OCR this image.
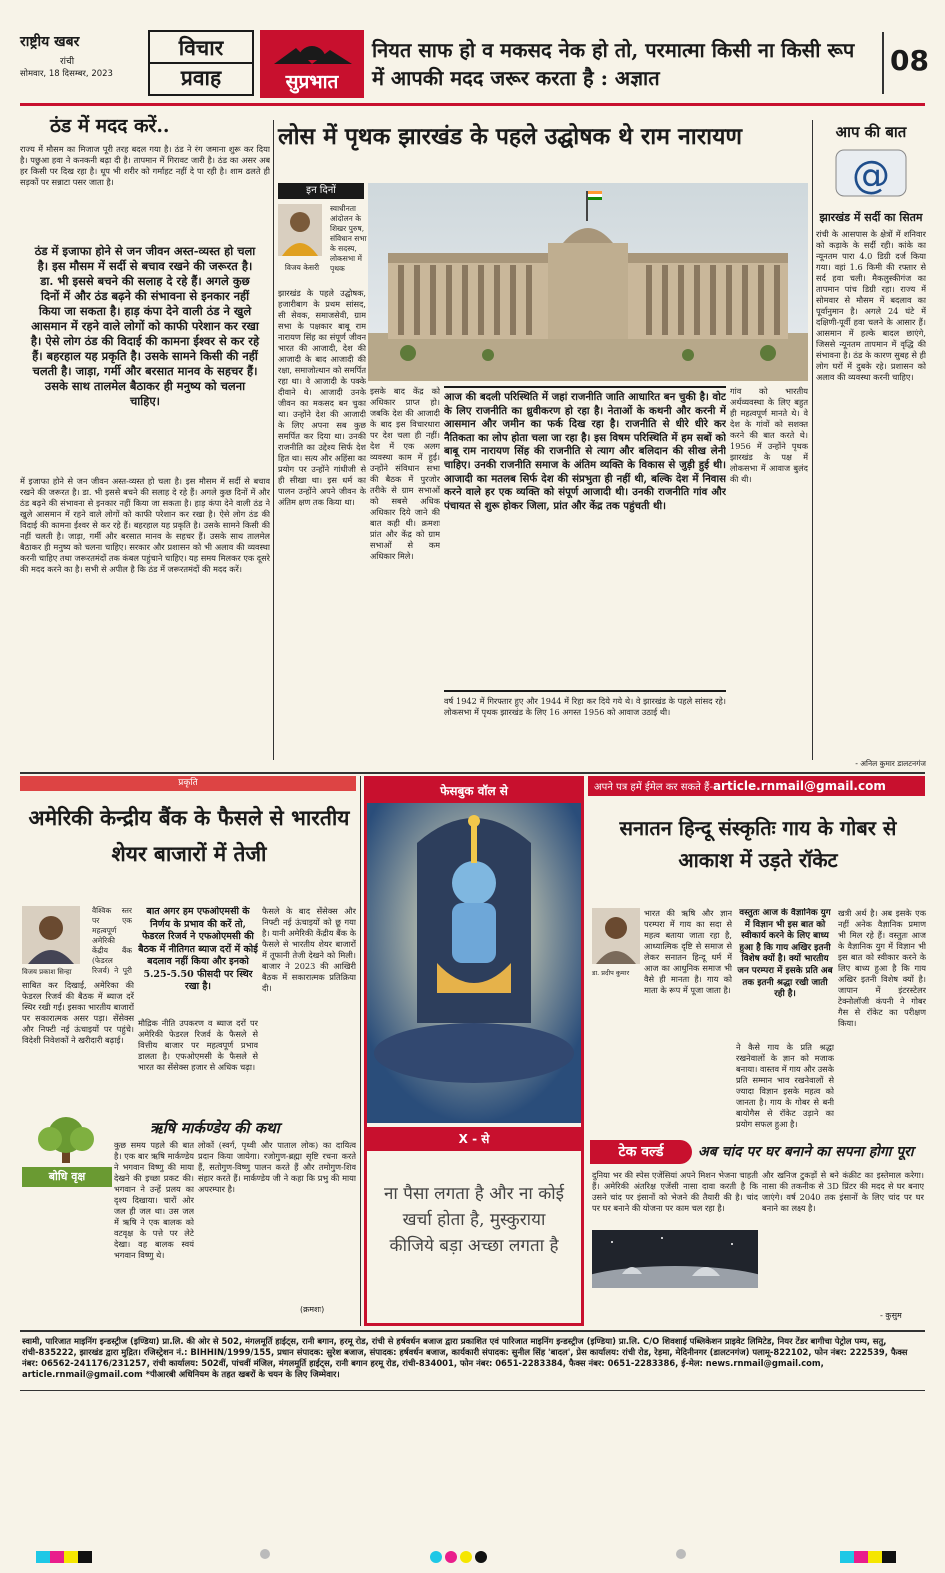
राष्ट्रीय खबर
रांची
सोमवार, 18 दिसम्बर, 2023
विचार
प्रवाह	सुप्रभात
नियत साफ हो व मकसद नेक हो तो, परमात्मा किसी ना किसी रूप में आपकी मदद जरूर करता है : अज्ञात
08
ठंड में मदद करें..
राज्य में मौसम का मिजाज पूरी तरह बदल गया है। ठंड ने रंग जमाना शुरू कर दिया है। पछुआ हवा ने कनकनी बढ़ा दी है। तापमान में गिरावट जारी है। ठंड का असर अब हर किसी पर दिख रहा है। धूप भी शरीर को गर्माहट नहीं दे पा रही है। शाम ढलते ही सड़कों पर सन्नाटा पसर जाता है।
ठंड में इजाफा होने से जन जीवन अस्त-व्यस्त हो चला है। इस मौसम में सर्दी से बचाव रखने की जरूरत है। डा. भी इससे बचने की सलाह दे रहे हैं। अगले कुछ दिनों में और ठंड बढ़ने की संभावना से इनकार नहीं किया जा सकता है। हाड़ कंपा देने वाली ठंड ने खुले आसमान में रहने वाले लोगों को काफी परेशान कर रखा है। ऐसे लोग ठंड की विदाई की कामना ईश्वर से कर रहे हैं। बहरहाल यह प्रकृति है। उसके सामने किसी की नहीं चलती है। जाड़ा, गर्मी और बरसात मानव के सहचर हैं। उसके साथ तालमेल बैठाकर ही मनुष्य को चलना चाहिए।
में इजाफा होने से जन जीवन अस्त-व्यस्त हो चला है। इस मौसम में सर्दी से बचाव रखने की जरूरत है। डा. भी इससे बचने की सलाह दे रहे हैं। अगले कुछ दिनों में और ठंड बढ़ने की संभावना से इनकार नहीं किया जा सकता है। हाड़ कंपा देने वाली ठंड ने खुले आसमान में रहने वाले लोगों को काफी परेशान कर रखा है। ऐसे लोग ठंड की विदाई की कामना ईश्वर से कर रहे हैं। बहरहाल यह प्रकृति है। उसके सामने किसी की नहीं चलती है। जाड़ा, गर्मी और बरसात मानव के सहचर हैं। उसके साथ तालमेल बैठाकर ही मनुष्य को चलना चाहिए। सरकार और प्रशासन को भी अलाव की व्यवस्था करनी चाहिए तथा जरूरतमंदों तक कंबल पहुंचाने चाहिए। यह समय मिलकर एक दूसरे की मदद करने का है। सभी से अपील है कि ठंड में जरूरतमंदों की मदद करें।
लोस में पृथक झारखंड के पहले उद्घोषक थे राम नारायण
इन दिनों
विजय केसरी
स्वाधीनता आंदोलन के शिखर पुरुष, संविधान सभा के सदस्य, लोकसभा में पृथक
झारखंड के पहले उद्घोषक, हजारीबाग के प्रथम सांसद, सी सेवक, समाजसेवी, ग्राम सभा के पक्षकार बाबू राम नारायण सिंह का संपूर्ण जीवन भारत की आजादी, देश की आजादी के बाद आजादी की रक्षा, समाजोत्थान को समर्पित रहा था। वे आजादी के पक्के दीवाने थे। आजादी उनके जीवन का मकसद बन चुका था। उन्होंने देश की आजादी के लिए अपना सब कुछ समर्पित कर दिया था। उनकी राजनीति का उद्देश्य सिर्फ देश हित था। सत्य और अहिंसा का प्रयोग पर उन्होंने गांधीजी से ही सीखा था। इस धर्म का पालन उन्होंने अपने जीवन के अंतिम क्षण तक किया था।
इसके बाद केंद्र को अधिकार प्राप्त हो। जबकि देश की आजादी के बाद इस विचारधारा पर देश चला ही नहीं। देश में एक अलग व्यवस्था काम में हुई। उन्होंने संविधान सभा की बैठक में पुरजोर तरीके से ग्राम सभाओं को सबसे अधिक अधिकार दिये जाने की बात कही थी। क्रमशः प्रांत और केंद्र को ग्राम सभाओं से कम अधिकार मिले।
आज की बदली परिस्थिति में जहां राजनीति जाति आधारित बन चुकी है। वोट के लिए राजनीति का ध्रुवीकरण हो रहा है। नेताओं के कथनी और करनी में आसमान और जमीन का फर्क दिख रहा है। राजनीति से धीरे धीरे कर नैतिकता का लोप होता चला जा रहा है। इस विषम परिस्थिति में हम सबों को बाबू राम नारायण सिंह की राजनीति से त्याग और बलिदान की सीख लेनी चाहिए। उनकी राजनीति समाज के अंतिम व्यक्ति के विकास से जुड़ी हुई थी। आजादी का मतलब सिर्फ देश की संप्रभुता ही नहीं थी, बल्कि देश में निवास करने वाले हर एक व्यक्ति को संपूर्ण आजादी थी। उनकी राजनीति गांव और पंचायत से शुरू होकर जिला, प्रांत और केंद्र तक पहुंचती थी।
गांव को भारतीय अर्थव्यवस्था के लिए बहुत ही महत्वपूर्ण मानते थे। वे देश के गांवों को सशक्त करने की बात करते थे। 1956 में उन्होंने पृथक झारखंड के पक्ष में लोकसभा में आवाज बुलंद की थी।
वर्ष 1942 में गिरफ्तार हुए और 1944 में रिहा कर दिये गये थे। वे झारखंड के पहले सांसद रहे। लोकसभा में पृथक झारखंड के लिए 16 अगस्त 1956 को आवाज उठाई थी।
आप की बात
@
झारखंड में सर्दी का सितम
रांची के आसपास के क्षेत्रों में शनिवार को कड़ाके के सर्दी रही। कांके का न्यूनतम पारा 4.0 डिग्री दर्ज किया गया। वहां 1.6 किमी की रफ्तार से सर्द हवा चली। मैकलुस्कीगंज का तापमान पांच डिग्री रहा। राज्य में सोमवार से मौसम में बदलाव का पूर्वानुमान है। अगले 24 घंटे में दक्षिणी-पूर्वी हवा चलने के आसार हैं। आसमान में हल्के बादल छाएंगे, जिससे न्यूनतम तापमान में वृद्धि की संभावना है। ठंड के कारण सुबह से ही लोग घरों में दुबके रहे। प्रशासन को अलाव की व्यवस्था करनी चाहिए।
- अनिल कुमार डालटनगंज
प्रकृति
अमेरिकी केन्द्रीय बैंक के फैसले से भारतीय शेयर बाजारों में तेजी
विजय प्रकाश सिन्हा
वैश्विक स्तर पर एक महत्वपूर्ण अमेरिकी केंद्रीय बैंक (फेडरल रिजर्व) ने पूरी
साबित कर दिखाई, अमेरिका की फेडरल रिजर्व की बैठक में ब्याज दरें स्थिर रखी गईं। इसका भारतीय बाजारों पर सकारात्मक असर पड़ा। सेंसेक्स और निफ्टी नई ऊंचाइयों पर पहुंचे। विदेशी निवेशकों ने खरीदारी बढ़ाई।
बात अगर हम एफओएमसी के निर्णय के प्रभाव की करें तो, फेडरल रिजर्व ने एफओएमसी की बैठक में नीतिगत ब्याज दरों में कोई बदलाव नहीं किया और इनको 5.25-5.50 फीसदी पर स्थिर रखा है।
मौद्रिक नीति उपकरण व ब्याज दरों पर अमेरिकी फेडरल रिजर्व के फैसले से वित्तीय बाजार पर महत्वपूर्ण प्रभाव डालता है। एफओएमसी के फैसले से भारत का सेंसेक्स हजार से अधिक चढ़ा।
फैसले के बाद सेंसेक्स और निफ्टी नई ऊंचाइयों को छू गया है। यानी अमेरिकी केंद्रीय बैंक के फैसले से भारतीय शेयर बाजारों में तूफानी तेजी देखने को मिली। बाजार ने 2023 की आखिरी बैठक में सकारात्मक प्रतिक्रिया दी।
ऋषि मार्कण्डेय की कथा
बोधि वृक्ष
कुछ समय पहले की बात है। एक बार ऋषि मार्कण्डेय ने भगवान विष्णु की माया देखने की इच्छा प्रकट की। भगवान ने उन्हें प्रलय का दृश्य दिखाया। चारों ओर जल ही जल था। उस जल में ऋषि ने एक बालक को वटवृक्ष के पत्ते पर लेटे देखा। वह बालक स्वयं भगवान विष्णु थे।
लोकों (स्वर्ग, पृथ्वी और पाताल लोक) का दायित्व प्रदान किया जायेगा। रजोगुण-ब्रह्मा सृष्टि रचना करते हैं, सतोगुण-विष्णु पालन करते हैं और तमोगुण-शिव संहार करते हैं। मार्कण्डेय जी ने कहा कि प्रभु की माया अपरम्पार है।
(क्रमशः)
फेसबुक वॉल से
X - से
ना पैसा लगता है और ना कोई खर्चा होता है, मुस्कुराया कीजिये बड़ा अच्छा लगता है
अपने पत्र हमें ईमेल कर सकते हैं-article.rnmail@gmail.com
सनातन हिन्दू संस्कृतिः गाय के गोबर से आकाश में उड़ते रॉकेट
डा. प्रदीप कुमार
भारत की ऋषि और ज्ञान परम्परा में गाय का सदा से महत्व बताया जाता रहा है, आध्यात्मिक दृष्टि से समाज से लेकर सनातन हिन्दू धर्म में आज का आधुनिक समाज भी वैसे ही मानता है। गाय को माता के रूप में पूजा जाता है।
वस्तुतः आज के वैज्ञानिक युग में विज्ञान भी इस बात को स्वीकार्य करने के लिए बाध्य हुआ है कि गाय अखिर इतनी विशेष क्यों है। क्यों भारतीय जन परम्परा में इसके प्रति अब तक इतनी श्रद्धा रखी जाती रही है।
ने कैसे गाय के प्रति श्रद्धा रखनेवालों के ज्ञान को मजाक बनाया। वास्तव में गाय और उसके प्रति सम्मान भाव रखनेवालों से ज्यादा विज्ञान इसके महत्व को जानता है। गाय के गोबर से बनी बायोगैस से रॉकेट उड़ाने का प्रयोग सफल हुआ है।
खत्री अर्थ है। अब इसके एक नहीं अनेक वैज्ञानिक प्रमाण भी मिल रहे हैं। वस्तुतः आज के वैज्ञानिक युग में विज्ञान भी इस बात को स्वीकार करने के लिए बाध्य हुआ है कि गाय अखिर इतनी विशेष क्यों है। जापान में इंटरस्टेलर टेक्नोलॉजी कंपनी ने गोबर गैस से रॉकेट का परीक्षण किया।
टेक वर्ल्ड	अब चांद पर घर बनाने का सपना होगा पूरा
दुनिया भर की स्पेस एजेंसियां अपने मिशन भेजना चाहती हैं। अमेरिकी अंतरिक्ष एजेंसी नासा दावा करती है कि उसने चांद पर इंसानों को भेजने की तैयारी की है। चांद पर घर बनाने की योजना पर काम चल रहा है।
और खनिज टुकड़ों से बने कंक्रीट का इस्तेमाल करेगा। नासा की तकनीक से 3D प्रिंटर की मदद से घर बनाए जाएंगे। वर्ष 2040 तक इंसानों के लिए चांद पर घर बनाने का लक्ष्य है।
- कुसुम
स्वामी, पारिजात माइनिंग इन्डस्ट्रीज (इण्डिया) प्रा.लि. की ओर से 502, मंगलमूर्ति हाईट्स, रानी बगान, हरमू रोड, रांची से हर्षवर्धन बजाज द्वारा प्रकाशित एवं पारिजात माइनिंग इन्डस्ट्रीज (इण्डिया) प्रा.लि. C/O शिवशाई पब्लिकेशन प्राइवेट लिमिटेड, नियर टेंडर बागीचा पेट्रोल पम्प, सतु, रांची-835222, झारखंड द्वारा मुद्रित। रजिस्ट्रेशन नं.: BIHHIN/1999/155, प्रधान संपादक: सुरेश बजाज, संपादक: हर्षवर्धन बजाज, कार्यकारी संपादक: सुनील सिंह 'बादल', प्रेस कार्यालय: रांची रोड, रेड़मा, मेदिनीनगर (डालटनगंज) पलामू-822102, फोन नंबर: 222539, फैक्स नंबर: 06562-241176/231257, रांची कार्यालय: 502वीं, पांचवीं मंजिल, मंगलमूर्ति हाईट्स, रानी बगान हरमू रोड, रांची-834001, फोन नंबर: 0651-2283384, फैक्स नंबर: 0651-2283386, ई-मेल: news.rnmail@gmail.com, article.rnmail@gmail.com *पीआरबी अधिनियम के तहत खबरों के चयन के लिए जिम्मेवार।
